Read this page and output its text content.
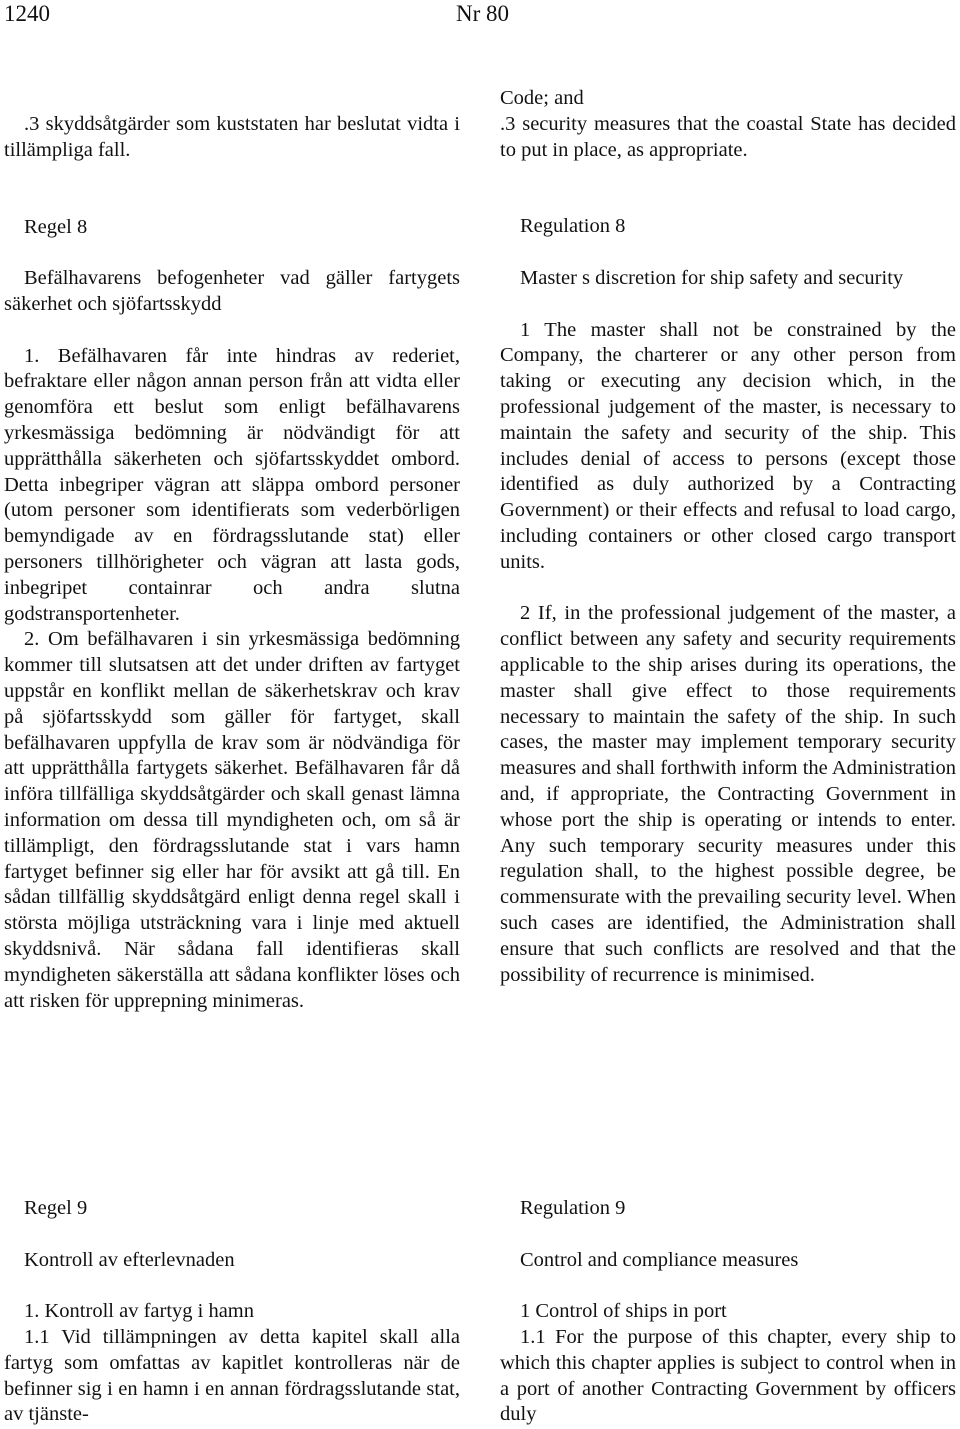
1240	Nr 80

.3 skyddsåtgärder som kuststaten har beslutat vidta i tillämpliga fall.

Regel 8

Befälhavarens befogenheter vad gäller fartygets säkerhet och sjöfartsskydd

1. Befälhavaren får inte hindras av rederiet, befraktare eller någon annan person från att vidta eller genomföra ett beslut som enligt befälhavarens yrkesmässiga bedömning är nödvändigt för att upprätthålla säkerheten och sjöfartsskyddet ombord. Detta inbegriper vägran att släppa ombord personer (utom personer som identifierats som vederbörligen bemyndigade av en fördragsslutande stat) eller personers tillhörigheter och vägran att lasta gods, inbegripet containrar och andra slutna godstransportenheter.

2. Om befälhavaren i sin yrkesmässiga bedömning kommer till slutsatsen att det under driften av fartyget uppstår en konflikt mellan de säkerhetskrav och krav på sjöfartsskydd som gäller för fartyget, skall befälhavaren uppfylla de krav som är nödvändiga för att upprätthålla fartygets säkerhet. Befälhavaren får då införa tillfälliga skyddsåtgärder och skall genast lämna information om dessa till myndigheten och, om så är tillämpligt, den fördragsslutande stat i vars hamn fartyget befinner sig eller har för avsikt att gå till. En sådan tillfällig skyddsåtgärd enligt denna regel skall i största möjliga utsträckning vara i linje med aktuell skyddsnivå. När sådana fall identifieras skall myndigheten säkerställa att sådana konflikter löses och att risken för upprepning minimeras.

Regel 9

Kontroll av efterlevnaden

1. Kontroll av fartyg i hamn

1.1 Vid tillämpningen av detta kapitel skall alla fartyg som omfattas av kapitlet kontrolleras när de befinner sig i en hamn i en annan fördragsslutande stat, av tjänste-

Code; and

.3 security measures that the coastal State has decided to put in place, as appropriate.

Regulation 8

Master s discretion for ship safety and security

1 The master shall not be constrained by the Company, the charterer or any other person from taking or executing any decision which, in the professional judgement of the master, is necessary to maintain the safety and security of the ship. This includes denial of access to persons (except those identified as duly authorized by a Contracting Government) or their effects and refusal to load cargo, including containers or other closed cargo transport units.

2 If, in the professional judgement of the master, a conflict between any safety and security requirements applicable to the ship arises during its operations, the master shall give effect to those requirements necessary to maintain the safety of the ship. In such cases, the master may implement temporary security measures and shall forthwith inform the Administration and, if appropriate, the Contracting Government in whose port the ship is operating or intends to enter. Any such temporary security measures under this regulation shall, to the highest possible degree, be commensurate with the prevailing security level. When such cases are identified, the Administration shall ensure that such conflicts are resolved and that the possibility of recurrence is minimised.

Regulation 9

Control and compliance measures

1 Control of ships in port

1.1 For the purpose of this chapter, every ship to which this chapter applies is subject to control when in a port of another Contracting Government by officers duly
